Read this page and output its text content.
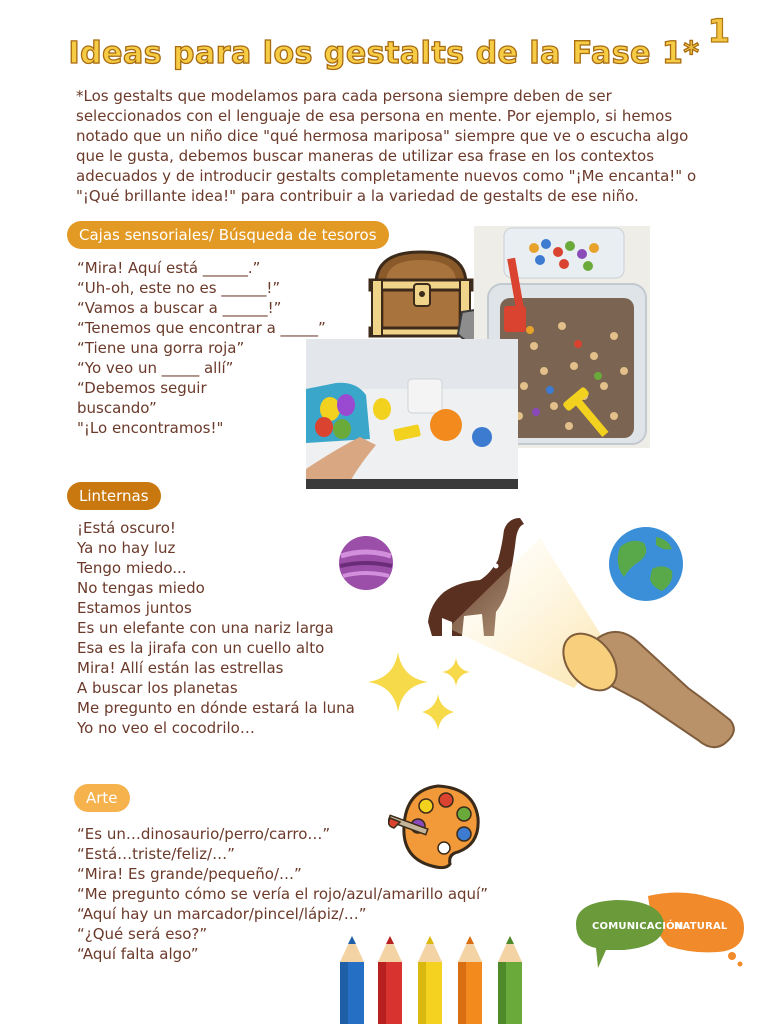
1
Ideas para los gestalts de la Fase 1*

*Los gestalts que modelamos para cada persona siempre deben de ser seleccionados con el lenguaje de esa persona en mente. Por ejemplo, si hemos notado que un niño dice "qué hermosa mariposa" siempre que ve o escucha algo que le gusta, debemos buscar maneras de utilizar esa frase en los contextos adecuados y de introducir gestalts completamente nuevos como "¡Me encanta!" o "¡Qué brillante idea!" para contribuir a la variedad de gestalts de ese niño.

Cajas sensoriales/ Búsqueda de tesoros
“Mira! Aquí está ______.”
“Uh-oh, este no es ______!”
“Vamos a buscar a ______!”
“Tenemos que encontrar a _____”
“Tiene una gorra roja”
“Yo veo un _____ allí”
“Debemos seguir
buscando”
"¡Lo encontramos!"
Linternas
¡Está oscuro!
Ya no hay luz
Tengo miedo...
No tengas miedo
Estamos juntos
Es un elefante con una nariz larga
Esa es la jirafa con un cuello alto
Mira! Allí están las estrellas
A buscar los planetas
Me pregunto en dónde estará la luna
Yo no veo el cocodrilo…
Arte
“Es un…dinosaurio/perro/carro…”
“Está…triste/feliz/…”
“Mira! Es grande/pequeño/…”
“Me pregunto cómo se vería el rojo/azul/amarillo aquí”
“Aquí hay un marcador/pincel/lápiz/…”
“¿Qué será eso?”
“Aquí falta algo”
COMUNICACIÓN
NATURAL
